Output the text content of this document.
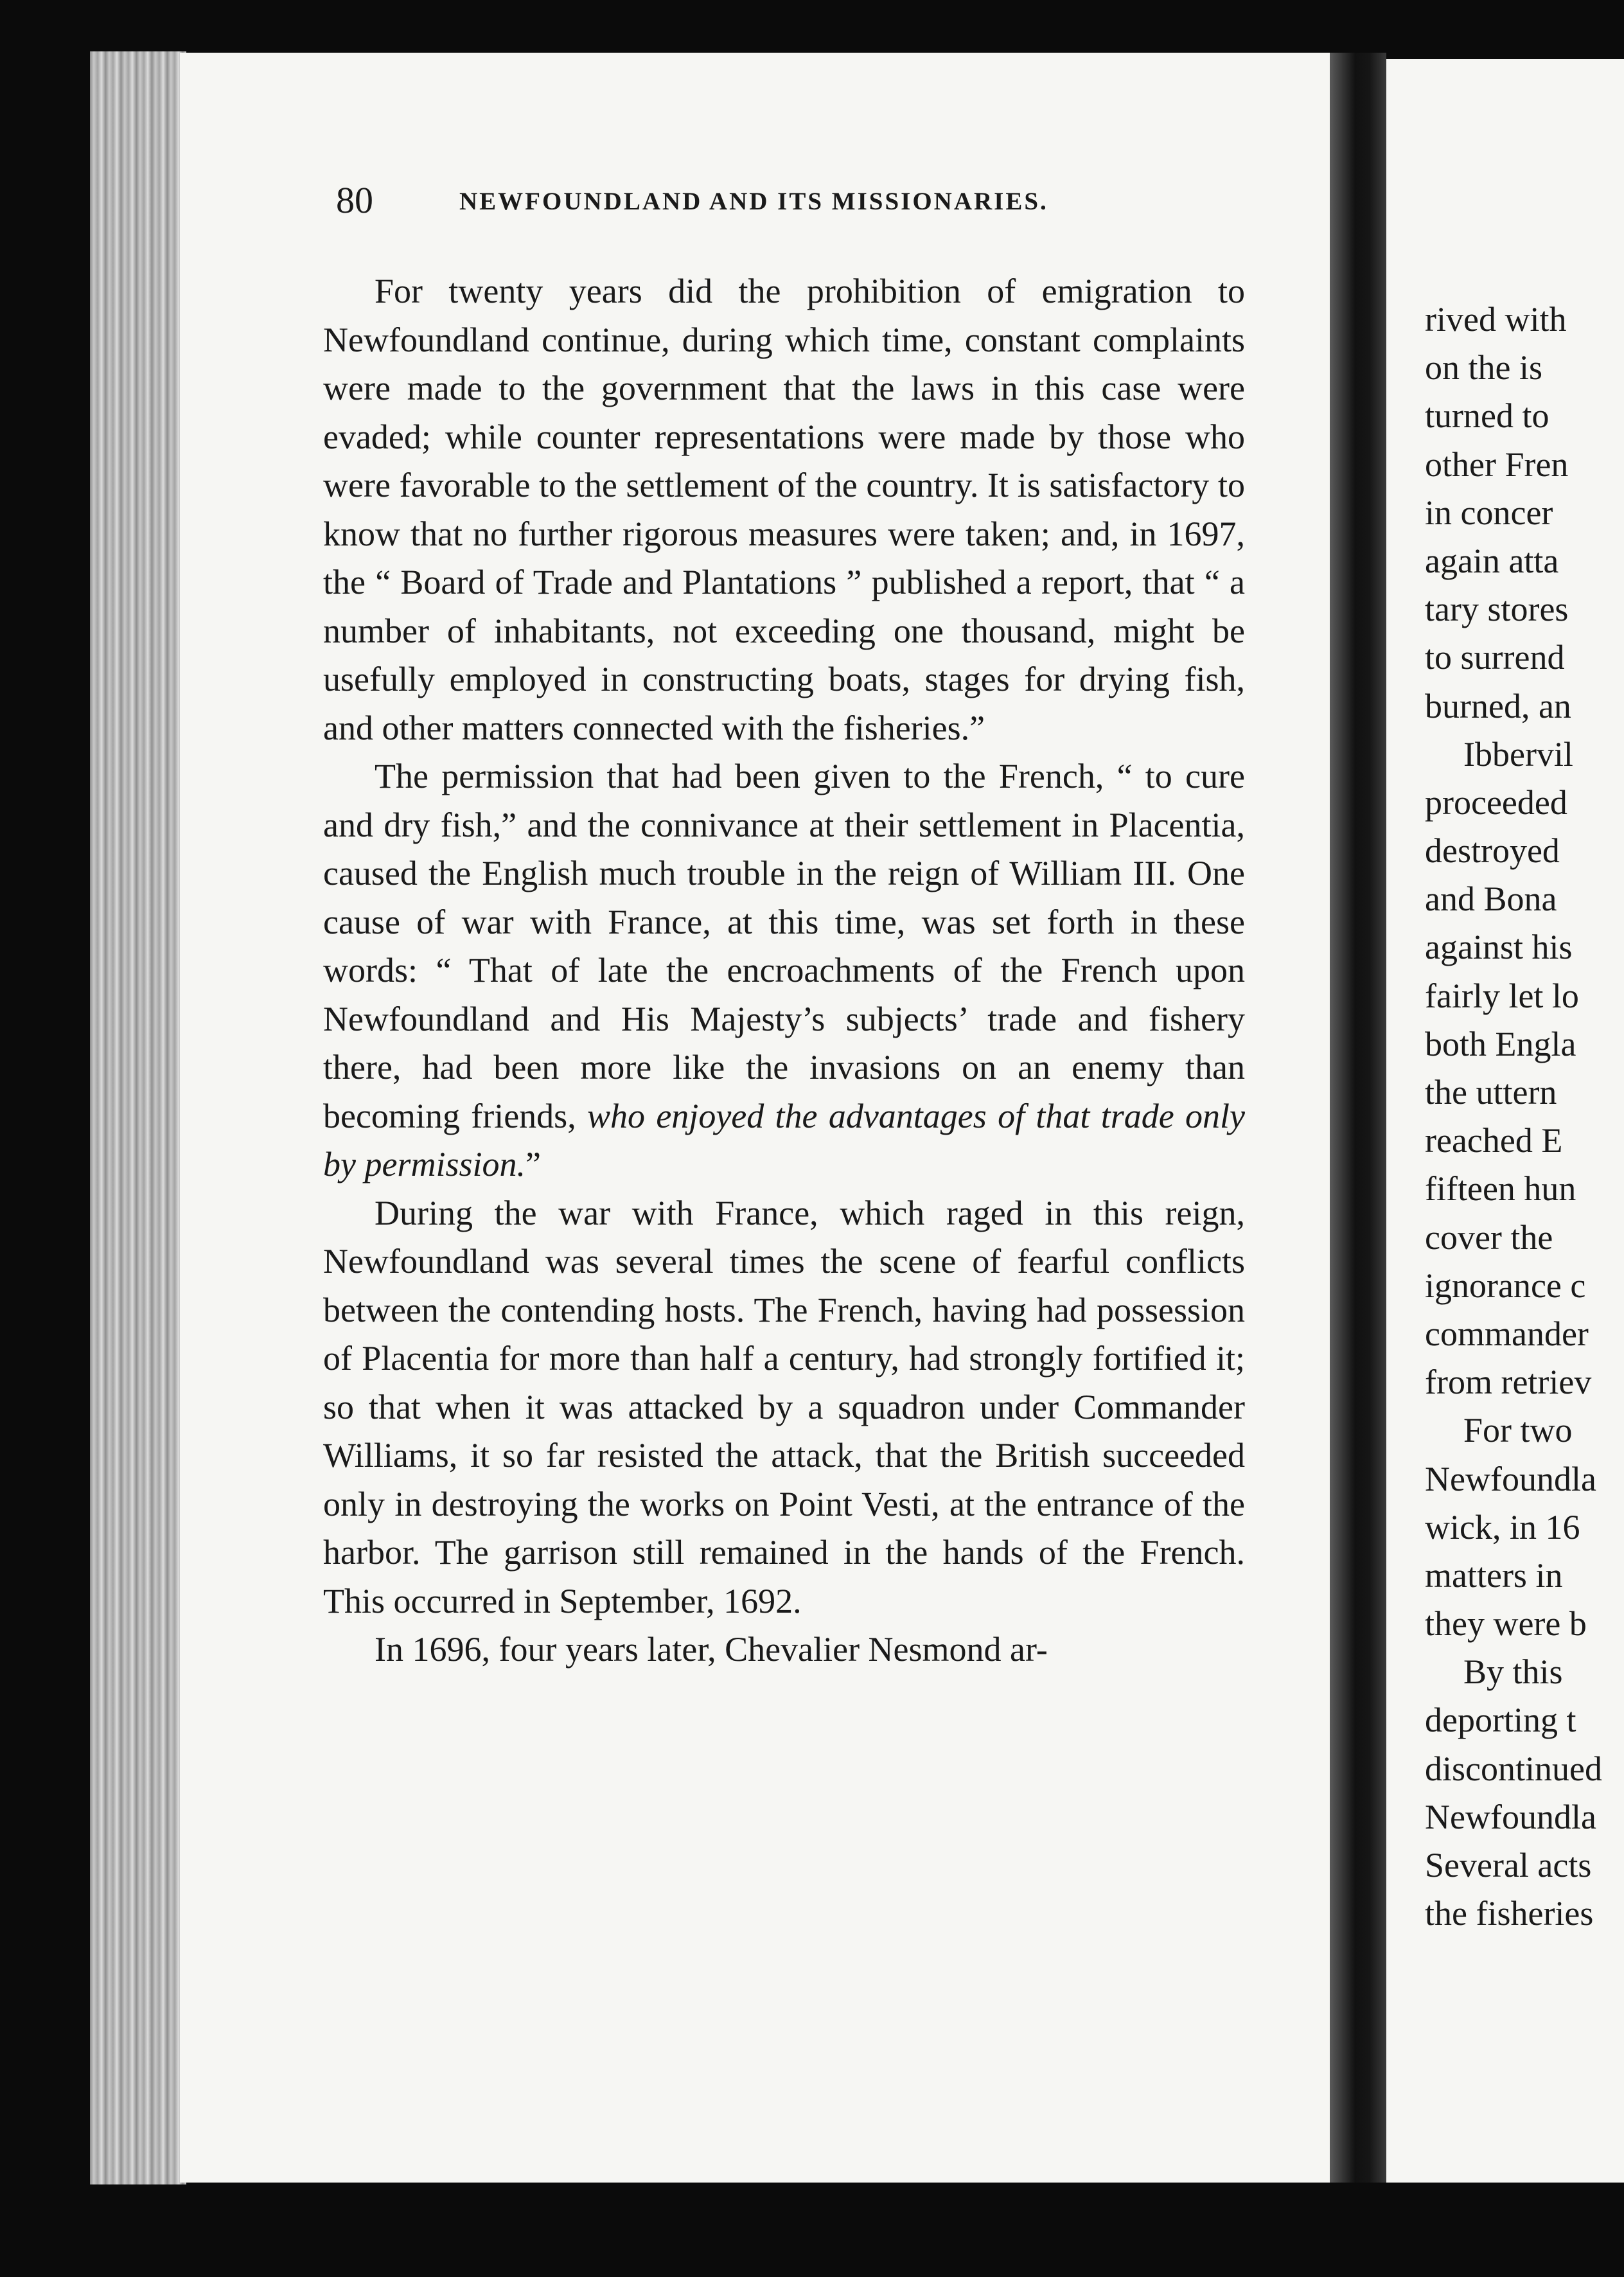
80	NEWFOUNDLAND AND ITS MISSIONARIES.

For twenty years did the prohibition of emigration to Newfoundland continue, during which time, constant complaints were made to the government that the laws in this case were evaded; while counter representations were made by those who were favorable to the settlement of the country. It is satisfactory to know that no further rigorous measures were taken; and, in 1697, the “ Board of Trade and Plantations ” published a report, that “ a number of inhabitants, not exceeding one thousand, might be usefully employed in constructing boats, stages for drying fish, and other matters connected with the fisheries.”

The permission that had been given to the French, “ to cure and dry fish,” and the connivance at their settlement in Placentia, caused the English much trouble in the reign of William III. One cause of war with France, at this time, was set forth in these words: “ That of late the encroachments of the French upon Newfoundland and His Majesty’s subjects’ trade and fishery there, had been more like the invasions on an enemy than becoming friends, who enjoyed the advantages of that trade only by permission.”

During the war with France, which raged in this reign, Newfoundland was several times the scene of fearful conflicts between the contending hosts. The French, having had possession of Placentia for more than half a century, had strongly fortified it; so that when it was attacked by a squadron under Commander Williams, it so far resisted the attack, that the British succeeded only in destroying the works on Point Vesti, at the entrance of the harbor. The garrison still remained in the hands of the French. This occurred in September, 1692.

In 1696, four years later, Chevalier Nesmond ar-

rived with
on the is
turned to
other Fren
in concer
again atta
tary stores
to surrend
burned, an
Ibbervil
proceeded
destroyed
and Bona
against his
fairly let lo
both Engla
the uttern
reached E
fifteen hun
cover the
ignorance c
commander
from retriev
For two
Newfoundla
wick, in 16
matters in
they were b
By this
deporting t
discontinued
Newfoundla
Several acts
the fisheries
